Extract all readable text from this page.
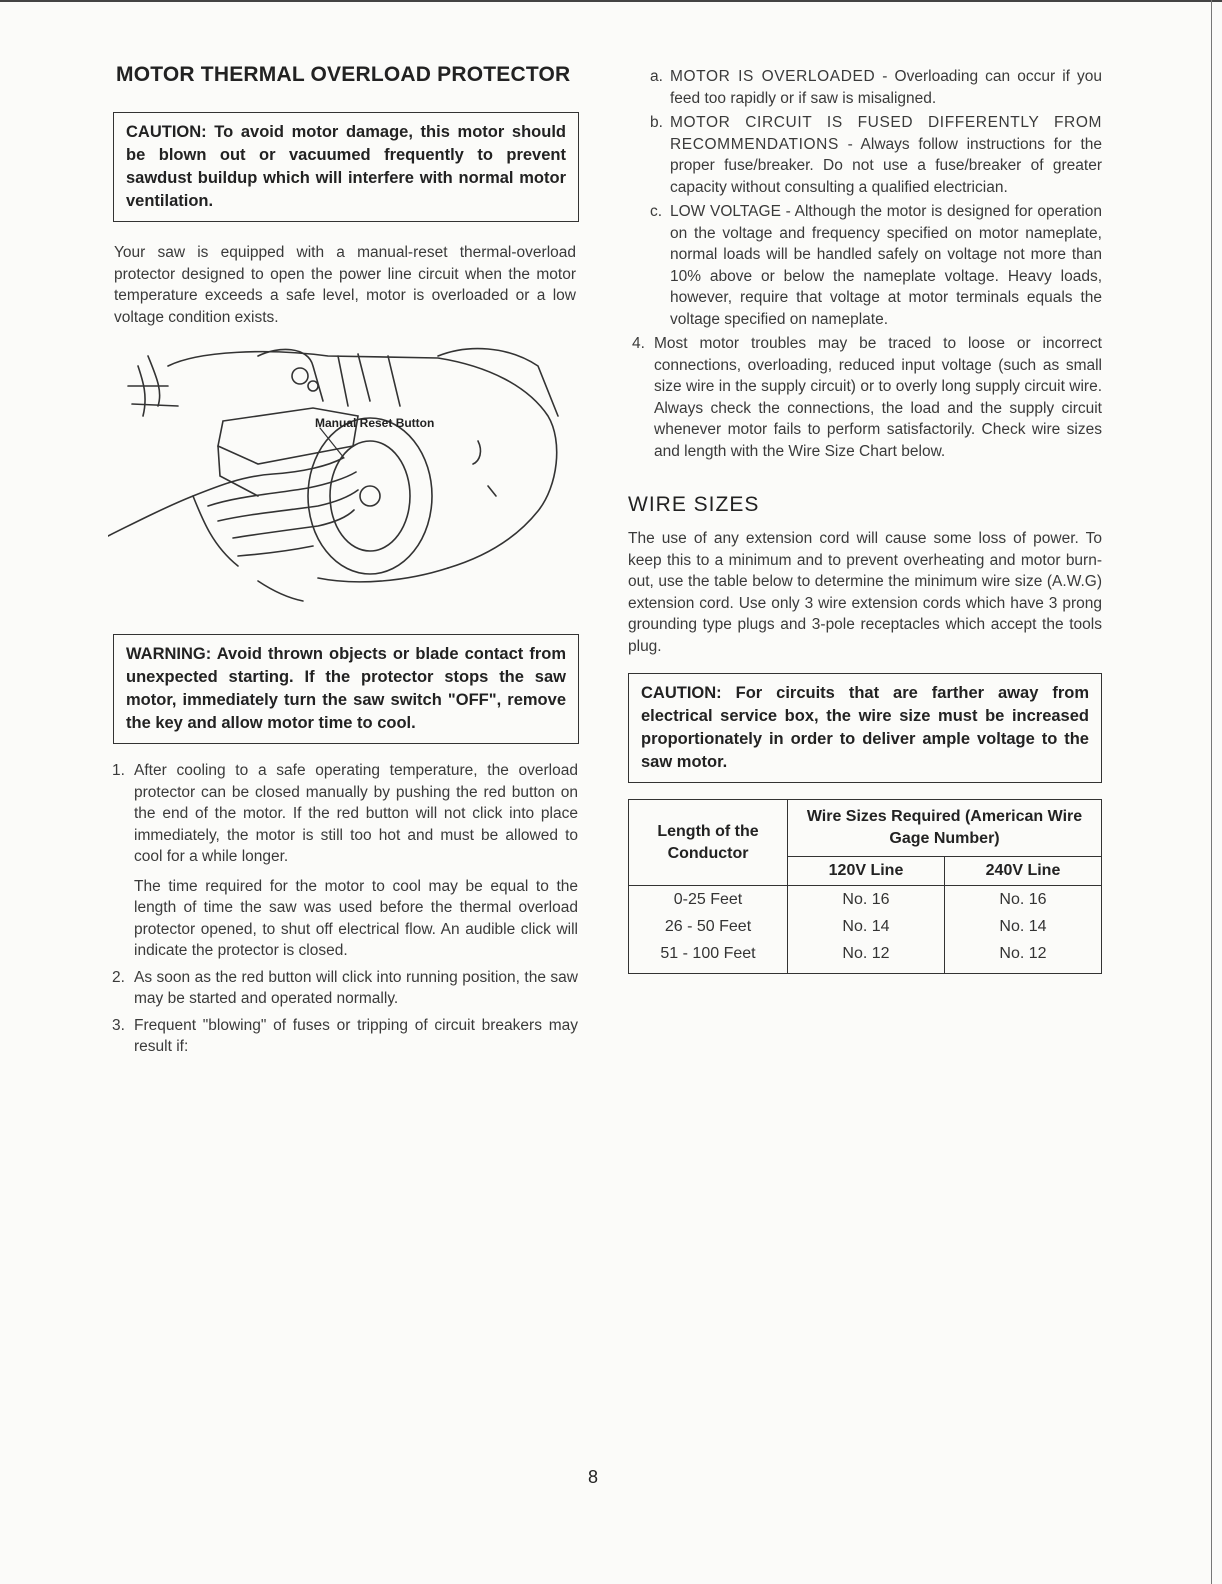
MOTOR THERMAL OVERLOAD PROTECTOR
CAUTION: To avoid motor damage, this motor should be blown out or vacuumed frequently to prevent sawdust buildup which will interfere with normal motor ventilation.

Your saw is equipped with a manual-reset thermal-overload protector designed to open the power line circuit when the motor temperature exceeds a safe level, motor is overloaded or a low voltage condition exists.

Manual Reset Button
WARNING: Avoid thrown objects or blade contact from unexpected starting. If the protector stops the saw motor, immediately turn the saw switch "OFF", remove the key and allow motor time to cool.
1. After cooling to a safe operating temperature, the overload protector can be closed manually by pushing the red button on the end of the motor. If the red button will not click into place immediately, the motor is still too hot and must be allowed to cool for a while longer.

The time required for the motor to cool may be equal to the length of time the saw was used before the thermal overload protector opened, to shut off electrical flow. An audible click will indicate the protector is closed.

2. As soon as the red button will click into running position, the saw may be started and operated normally.

3. Frequent "blowing" of fuses or tripping of circuit breakers may result if:

a. MOTOR IS OVERLOADED - Overloading can occur if you feed too rapidly or if saw is misaligned.

b. MOTOR CIRCUIT IS FUSED DIFFERENTLY FROM RECOMMENDATIONS - Always follow instructions for the proper fuse/breaker. Do not use a fuse/breaker of greater capacity without consulting a qualified electrician.

c. LOW VOLTAGE - Although the motor is designed for operation on the voltage and frequency specified on motor nameplate, normal loads will be handled safely on voltage not more than 10% above or below the nameplate voltage. Heavy loads, however, require that voltage at motor terminals equals the voltage specified on nameplate.

4. Most motor troubles may be traced to loose or incorrect connections, overloading, reduced input voltage (such as small size wire in the supply circuit) or to overly long supply circuit wire. Always check the connections, the load and the supply circuit whenever motor fails to perform satisfactorily. Check wire sizes and length with the Wire Size Chart below.

WIRE SIZES

The use of any extension cord will cause some loss of power. To keep this to a minimum and to prevent overheating and motor burn-out, use the table below to determine the minimum wire size (A.W.G) extension cord. Use only 3 wire extension cords which have 3 prong grounding type plugs and 3-pole receptacles which accept the tools plug.

CAUTION: For circuits that are farther away from electrical service box, the wire size must be increased proportionately in order to deliver ample voltage to the saw motor.
Length of the Conductor	Wire Sizes Required (American Wire Gage Number)	
	120V Line	240V Line
0-25 Feet	No. 16	No. 16
26 - 50 Feet	No. 14	No. 14
51 - 100 Feet	No. 12	No. 12
8
